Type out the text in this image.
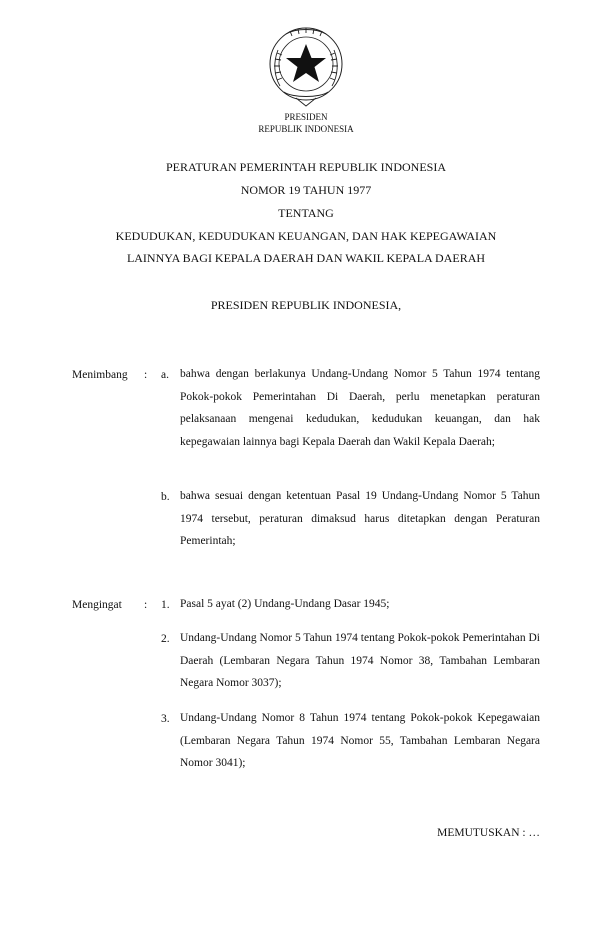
PRESIDEN
REPUBLIK INDONESIA
PERATURAN PEMERINTAH REPUBLIK INDONESIA
NOMOR 19 TAHUN 1977
TENTANG
KEDUDUKAN, KEDUDUKAN KEUANGAN, DAN HAK KEPEGAWAIAN
LAINNYA BAGI KEPALA DAERAH DAN WAKIL KEPALA DAERAH
PRESIDEN REPUBLIK INDONESIA,
Menimbang : a. bahwa dengan berlakunya Undang-Undang Nomor 5 Tahun 1974 tentang Pokok-pokok Pemerintahan Di Daerah, perlu menetapkan peraturan pelaksanaan mengenai kedudukan, kedudukan keuangan, dan hak kepegawaian lainnya bagi Kepala Daerah dan Wakil Kepala Daerah;
b. bahwa sesuai dengan ketentuan Pasal 19 Undang-Undang Nomor 5 Tahun 1974 tersebut, peraturan dimaksud harus ditetapkan dengan Peraturan Pemerintah;
Mengingat : 1. Pasal 5 ayat (2) Undang-Undang Dasar 1945;
2. Undang-Undang Nomor 5 Tahun 1974 tentang Pokok-pokok Pemerintahan Di Daerah (Lembaran Negara Tahun 1974 Nomor 38, Tambahan Lembaran Negara Nomor 3037);
3. Undang-Undang Nomor 8 Tahun 1974 tentang Pokok-pokok Kepegawaian (Lembaran Negara Tahun 1974 Nomor 55, Tambahan Lembaran Negara Nomor 3041);
MEMUTUSKAN : …
